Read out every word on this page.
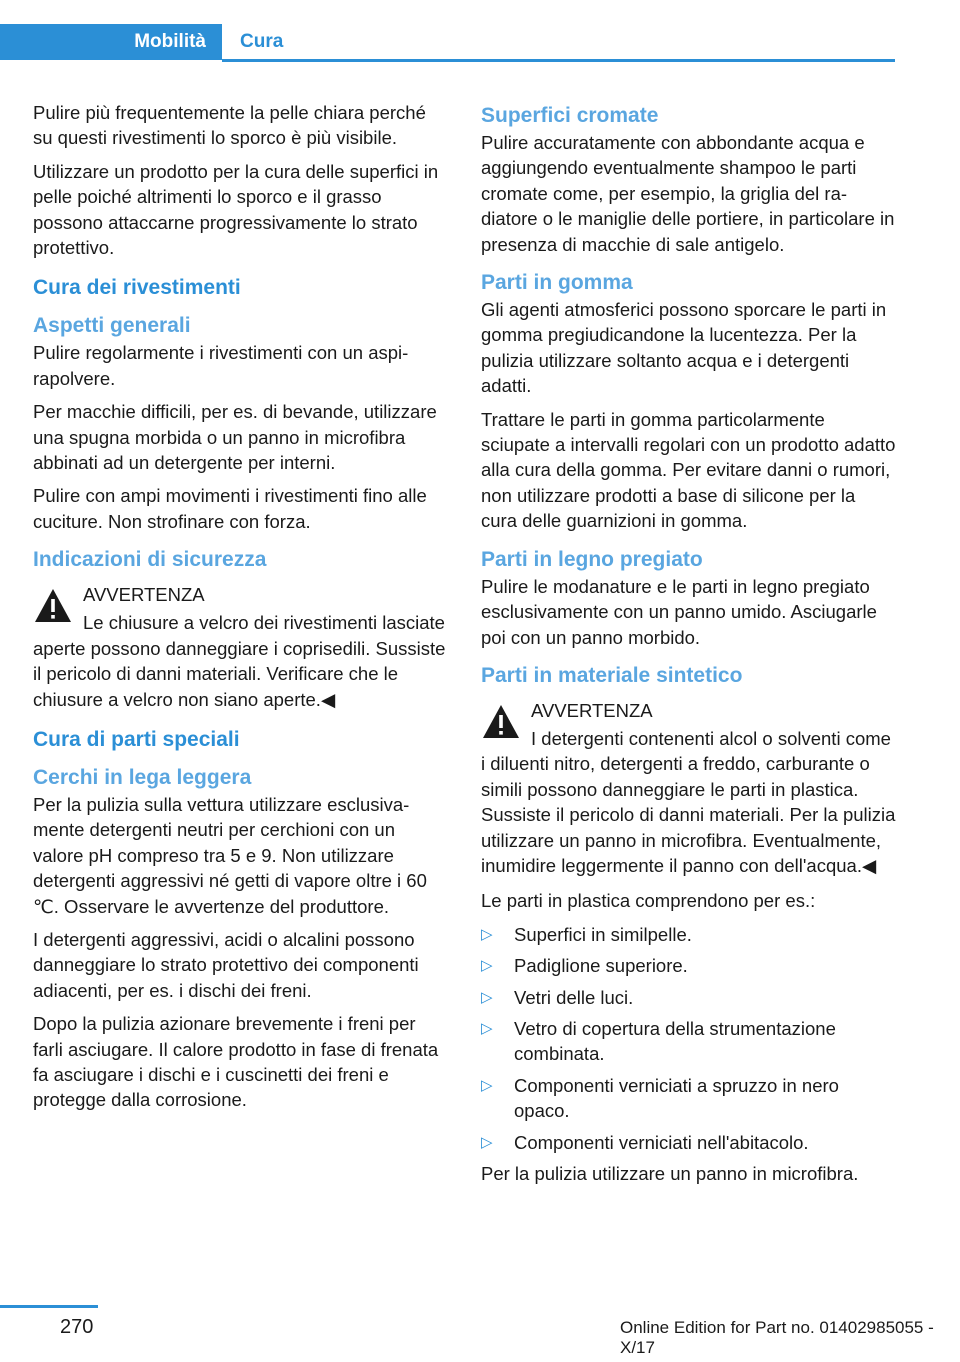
Mobilità	Cura

Pulire più frequentemente la pelle chiara perché su questi rivestimenti lo sporco è più visibile.

Utilizzare un prodotto per la cura delle superfici in pelle poiché altrimenti lo sporco e il grasso possono attaccarne progressivamente lo strato protettivo.

Cura dei rivestimenti
Aspetti generali

Pulire regolarmente i rivestimenti con un aspirapolvere.

Per macchie difficili, per es. di bevande, utilizzare una spugna morbida o un panno in microfibra abbinati ad un detergente per interni.

Pulire con ampi movimenti i rivestimenti fino alle cuciture. Non strofinare con forza.

Indicazioni di sicurezza
AVVERTENZA

Le chiusure a velcro dei rivestimenti lasciate aperte possono danneggiare i coprisedili. Sussiste il pericolo di danni materiali. Verificare che le chiusure a velcro non siano aperte.◀

Cura di parti speciali
Cerchi in lega leggera

Per la pulizia sulla vettura utilizzare esclusivamente detergenti neutri per cerchioni con un valore pH compreso tra 5 e 9. Non utilizzare detergenti aggressivi né getti di vapore oltre i 60 ℃. Osservare le avvertenze del produttore.

I detergenti aggressivi, acidi o alcalini possono danneggiare lo strato protettivo dei componenti adiacenti, per es. i dischi dei freni.

Dopo la pulizia azionare brevemente i freni per farli asciugare. Il calore prodotto in fase di frenata fa asciugare i dischi e i cuscinetti dei freni e protegge dalla corrosione.

Superfici cromate

Pulire accuratamente con abbondante acqua e aggiungendo eventualmente shampoo le parti cromate come, per esempio, la griglia del radiatore o le maniglie delle portiere, in particolare in presenza di macchie di sale antigelo.

Parti in gomma

Gli agenti atmosferici possono sporcare le parti in gomma pregiudicandone la lucentezza. Per la pulizia utilizzare soltanto acqua e i detergenti adatti.

Trattare le parti in gomma particolarmente sciupate a intervalli regolari con un prodotto adatto alla cura della gomma. Per evitare danni o rumori, non utilizzare prodotti a base di silicone per la cura delle guarnizioni in gomma.

Parti in legno pregiato

Pulire le modanature e le parti in legno pregiato esclusivamente con un panno umido. Asciugarle poi con un panno morbido.

Parti in materiale sintetico
AVVERTENZA

I detergenti contenenti alcol o solventi come i diluenti nitro, detergenti a freddo, carburante o simili possono danneggiare le parti in plastica. Sussiste il pericolo di danni materiali. Per la pulizia utilizzare un panno in microfibra. Eventualmente, inumidire leggermente il panno con dell'acqua.◀

Le parti in plastica comprendono per es.:

▷ Superfici in similpelle.
▷ Padiglione superiore.
▷ Vetri delle luci.
▷ Vetro di copertura della strumentazione combinata.
▷ Componenti verniciati a spruzzo in nero opaco.
▷ Componenti verniciati nell'abitacolo.

Per la pulizia utilizzare un panno in microfibra.

270	Online Edition for Part no. 01402985055 - X/17
